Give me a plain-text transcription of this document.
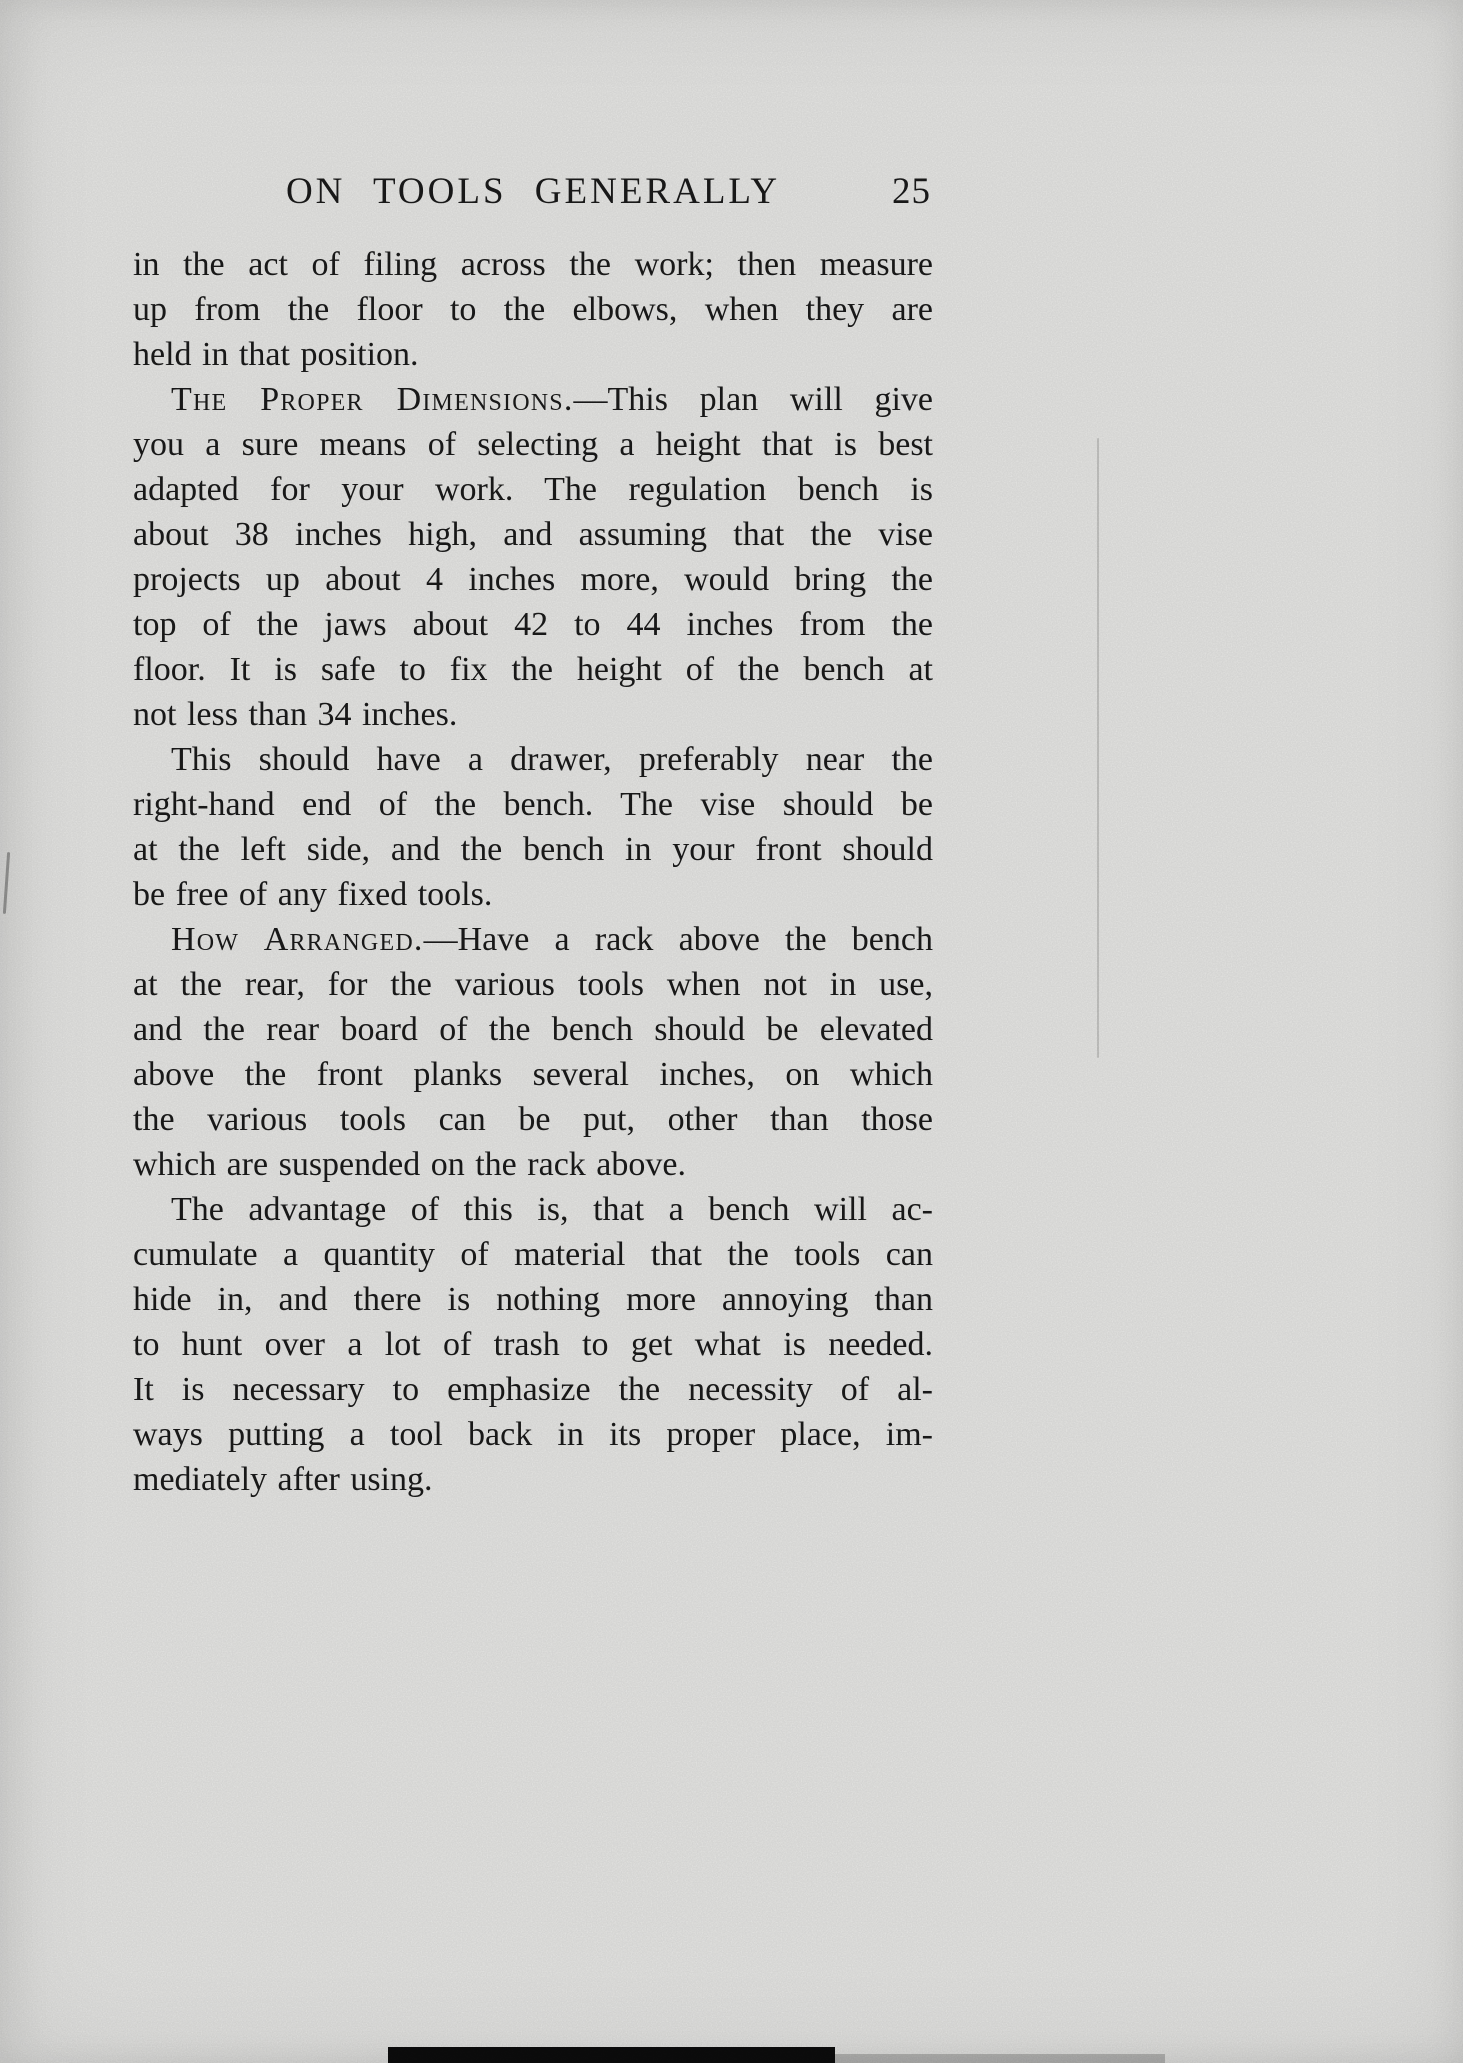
ON TOOLS GENERALLY	25
in the act of filing across the work; then measure
up from the floor to the elbows, when they are
held in that position.
The Proper Dimensions.—This plan will give
you a sure means of selecting a height that is best
adapted for your work. The regulation bench is
about 38 inches high, and assuming that the vise
projects up about 4 inches more, would bring the
top of the jaws about 42 to 44 inches from the
floor. It is safe to fix the height of the bench at
not less than 34 inches.
This should have a drawer, preferably near the
right-hand end of the bench. The vise should be
at the left side, and the bench in your front should
be free of any fixed tools.
How Arranged.—Have a rack above the bench
at the rear, for the various tools when not in use,
and the rear board of the bench should be elevated
above the front planks several inches, on which
the various tools can be put, other than those
which are suspended on the rack above.
The advantage of this is, that a bench will ac-
cumulate a quantity of material that the tools can
hide in, and there is nothing more annoying than
to hunt over a lot of trash to get what is needed.
It is necessary to emphasize the necessity of al-
ways putting a tool back in its proper place, im-
mediately after using.
